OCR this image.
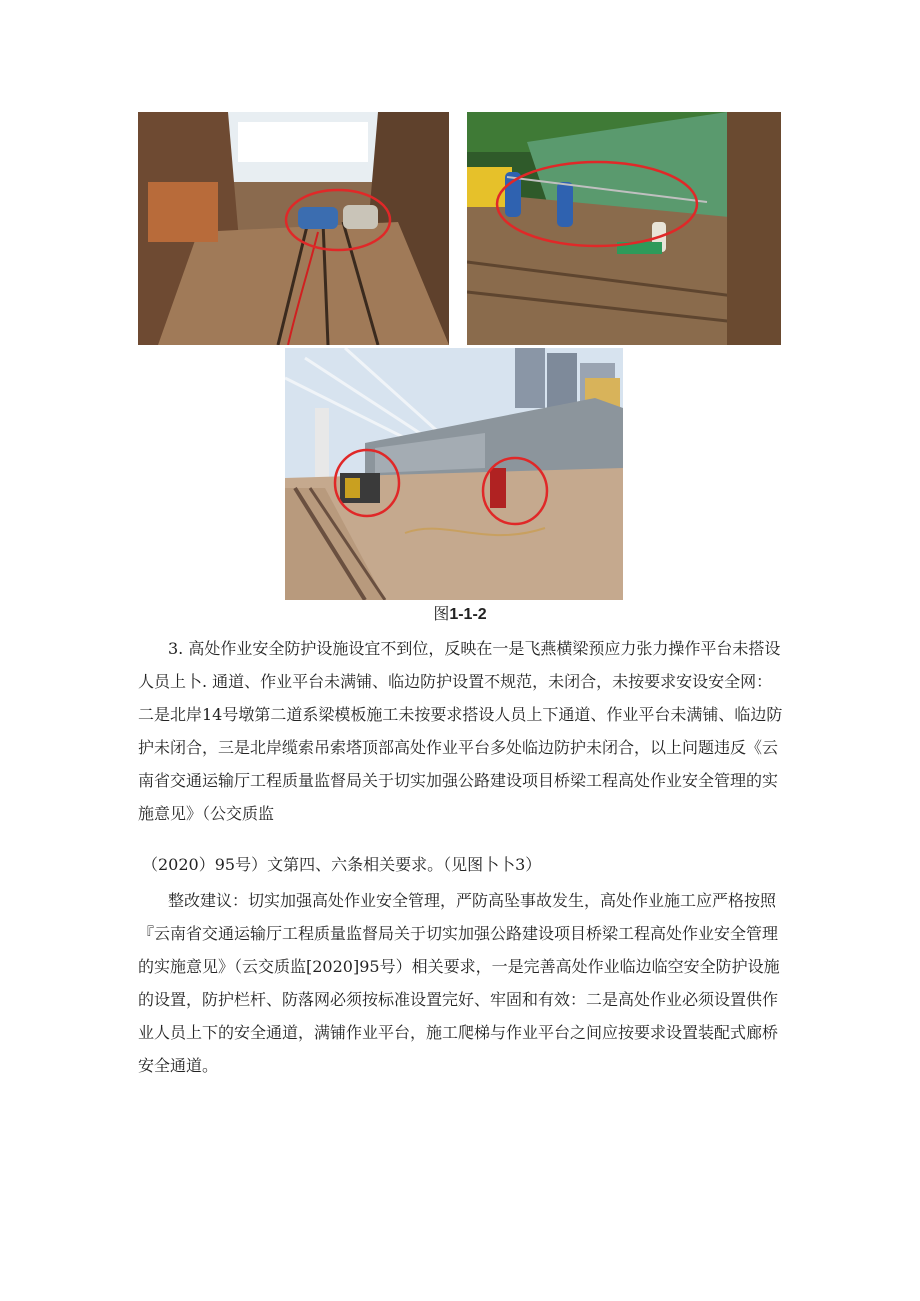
图1-1-2

3. 高处作业安全防护设施设宜不到位，反映在一是飞燕横梁预应力张力操作平台未搭设人员上卜. 通道、作业平台未满铺、临边防护设置不规范，未闭合，未按要求安设安全网：二是北岸14号墩第二道系梁模板施工未按要求搭设人员上下通道、作业平台未满铺、临边防护未闭合，三是北岸缆索吊索塔顶部高处作业平台多处临边防护未闭合，以上问题违反《云南省交通运输厅工程质量监督局关于切实加强公路建设项目桥梁工程高处作业安全管理的实施意见》（公交质监

（2020）95号）文第四、六条相关要求。（见图卜卜3）

整改建议：切实加强高处作业安全管理，严防高坠事故发生，高处作业施工应严格按照『云南省交通运输厅工程质量监督局关于切实加强公路建设项目桥梁工程高处作业安全管理的实施意见》（云交质监[2020]95号）相关要求，一是完善高处作业临边临空安全防护设施的设置，防护栏杆、防落网必须按标准设置完好、牢固和有效：二是高处作业必须设置供作业人员上下的安全通道，满铺作业平台，施工爬梯与作业平台之间应按要求设置装配式廊桥安全通道。
